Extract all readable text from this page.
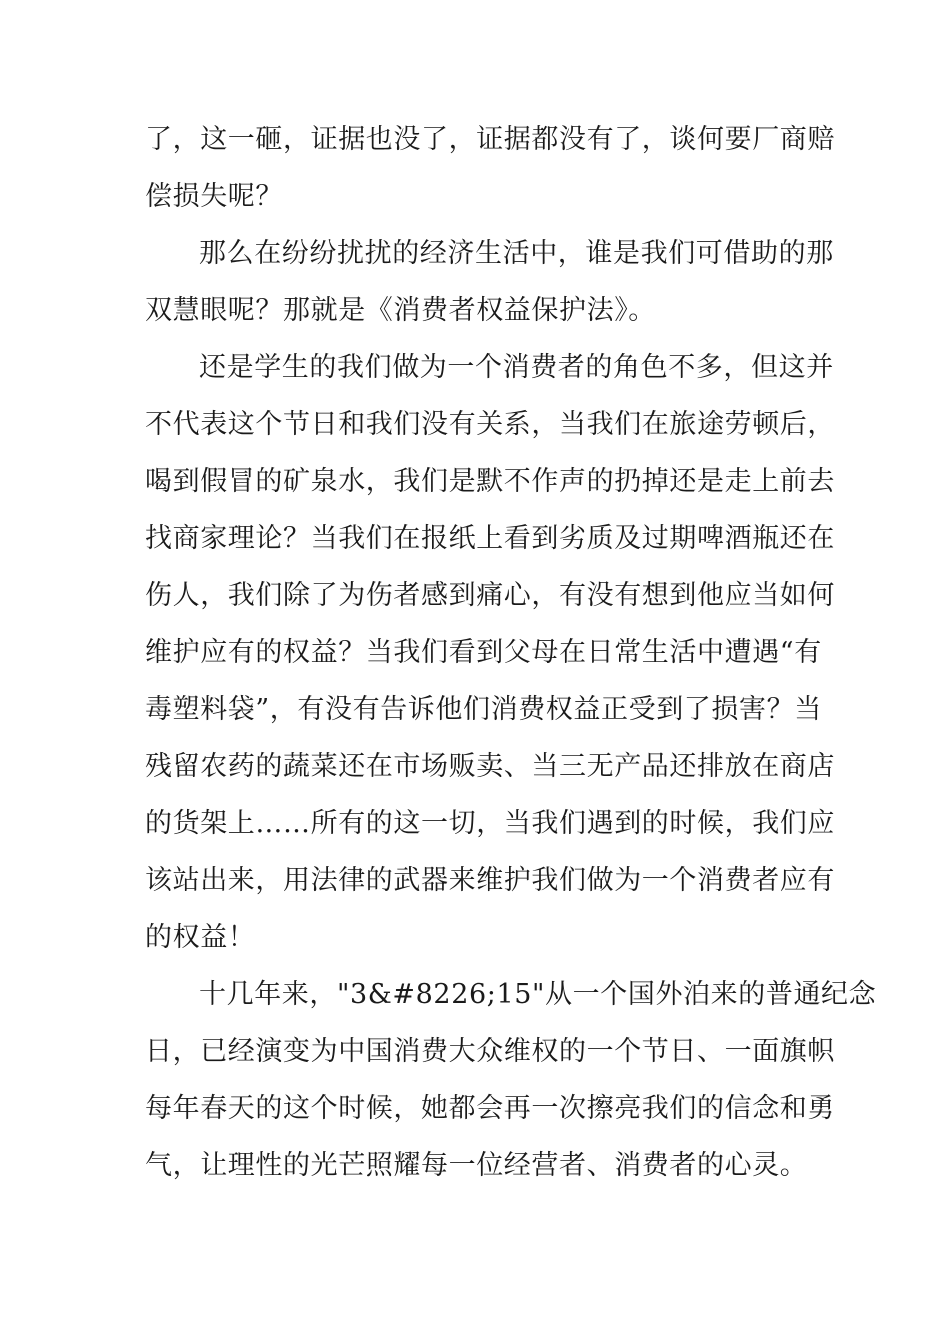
了，这一砸，证据也没了，证据都没有了，谈何要厂商赔
偿损失呢？
那么在纷纷扰扰的经济生活中，谁是我们可借助的那
双慧眼呢？那就是《消费者权益保护法》。
还是学生的我们做为一个消费者的角色不多，但这并
不代表这个节日和我们没有关系，当我们在旅途劳顿后，
喝到假冒的矿泉水，我们是默不作声的扔掉还是走上前去
找商家理论？当我们在报纸上看到劣质及过期啤酒瓶还在
伤人，我们除了为伤者感到痛心，有没有想到他应当如何
维护应有的权益？当我们看到父母在日常生活中遭遇“有
毒塑料袋”，有没有告诉他们消费权益正受到了损害？当
残留农药的蔬菜还在市场贩卖、当三无产品还排放在商店
的货架上……所有的这一切，当我们遇到的时候，我们应
该站出来，用法律的武器来维护我们做为一个消费者应有
的权益！
十几年来，"3&#8226;15"从一个国外泊来的普通纪念
日，已经演变为中国消费大众维权的一个节日、一面旗帜
每年春天的这个时候，她都会再一次擦亮我们的信念和勇
气，让理性的光芒照耀每一位经营者、消费者的心灵。
